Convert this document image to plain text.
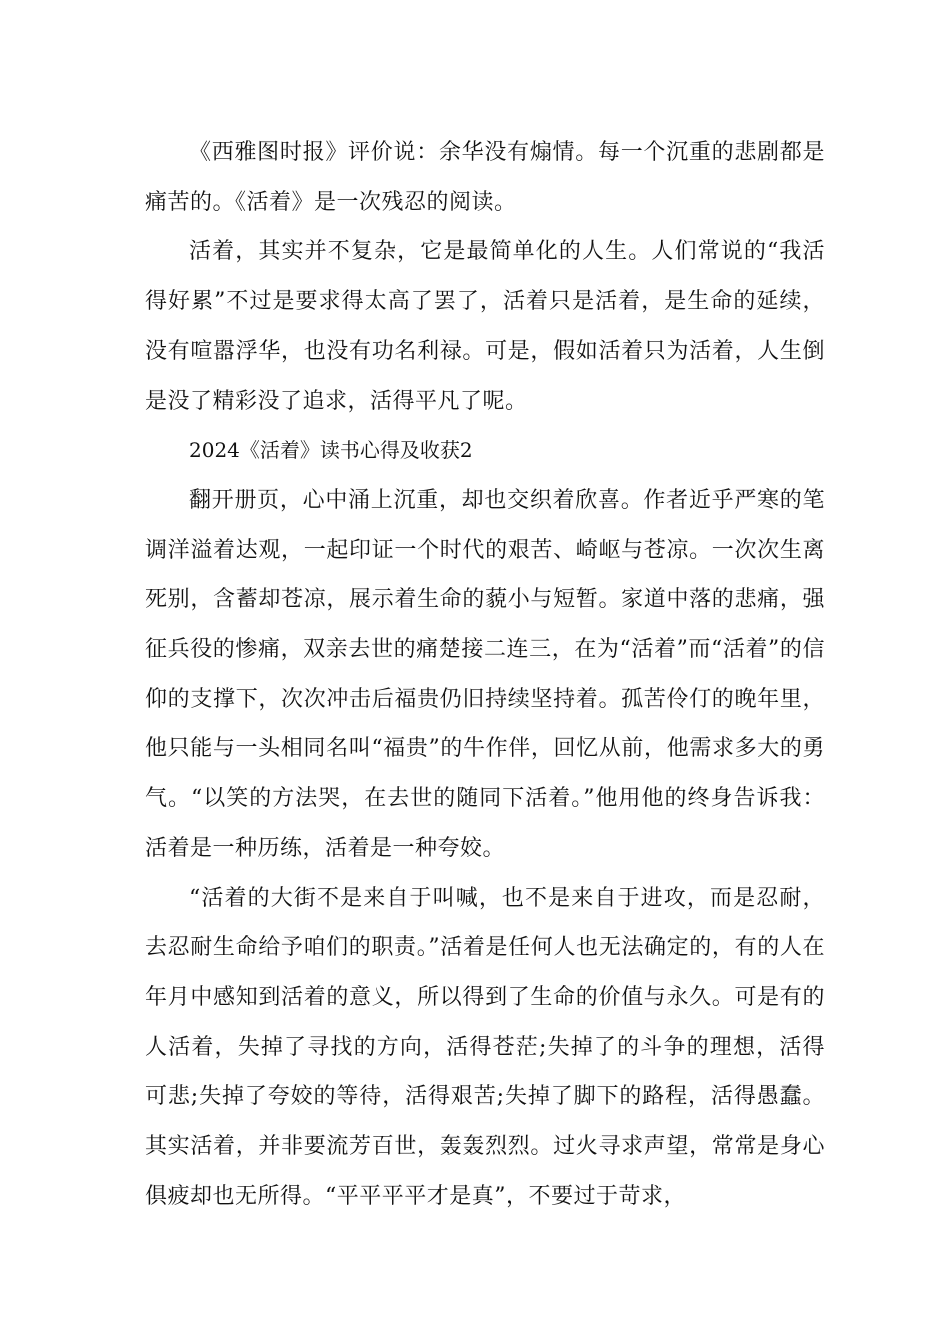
《西雅图时报》评价说：余华没有煽情。每一个沉重的悲剧都是痛苦的。《活着》是一次残忍的阅读。

活着，其实并不复杂，它是最简单化的人生。人们常说的“我活得好累”不过是要求得太高了罢了，活着只是活着，是生命的延续，没有喧嚣浮华，也没有功名利禄。可是，假如活着只为活着，人生倒是没了精彩没了追求，活得平凡了呢。

2024《活着》读书心得及收获2

翻开册页，心中涌上沉重，却也交织着欣喜。作者近乎严寒的笔调洋溢着达观，一起印证一个时代的艰苦、崎岖与苍凉。一次次生离死别，含蓄却苍凉，展示着生命的藐小与短暂。家道中落的悲痛，强征兵役的惨痛，双亲去世的痛楚接二连三，在为“活着”而“活着”的信仰的支撑下，次次冲击后福贵仍旧持续坚持着。孤苦伶仃的晚年里，他只能与一头相同名叫“福贵”的牛作伴，回忆从前，他需求多大的勇气。“以笑的方法哭，在去世的随同下活着。”他用他的终身告诉我：活着是一种历练，活着是一种夸姣。

“活着的大街不是来自于叫喊，也不是来自于进攻，而是忍耐，去忍耐生命给予咱们的职责。”活着是任何人也无法确定的，有的人在年月中感知到活着的意义，所以得到了生命的价值与永久。可是有的人活着，失掉了寻找的方向，活得苍茫;失掉了的斗争的理想，活得可悲;失掉了夸姣的等待，活得艰苦;失掉了脚下的路程，活得愚蠢。其实活着，并非要流芳百世，轰轰烈烈。过火寻求声望，常常是身心俱疲却也无所得。“平平平平才是真”，不要过于苛求，
